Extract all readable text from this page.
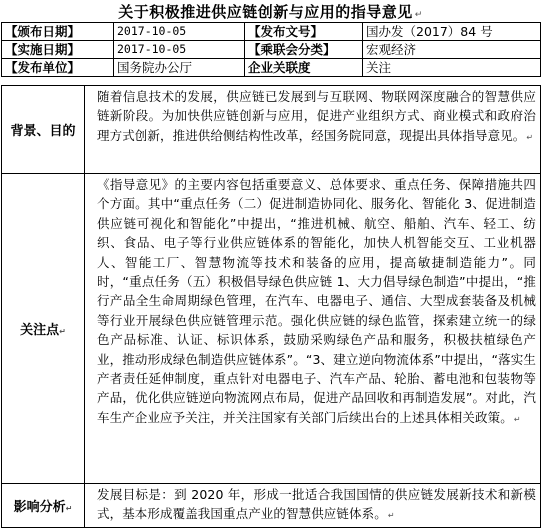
关于积极推进供应链创新与应用的指导意见 ↵
【颁布日期】	2017-10-05	【发布文号】	国办发（2017）84 号
【实施日期】	2017-10-05	【乘联会分类】	宏观经济
【发布单位】	国务院办公厅	企业关联度	关注
背景、目的	随着信息技术的发展，供应链已发展到与互联网、物联网深度融合的智慧供应链新阶段。为加快供应链创新与应用，促进产业组织方式、商业模式和政府治理方式创新，推进供给侧结构性改革，经国务院同意，现提出具体指导意见。↵
关注点↵	《指导意见》的主要内容包括重要意义、总体要求、重点任务、保障措施共四个方面。其中“重点任务（二）促进制造协同化、服务化、智能化 3、促进制造供应链可视化和智能化”中提出，“推进机械、航空、船舶、汽车、轻工、纺织、食品、电子等行业供应链体系的智能化，加快人机智能交互、工业机器人、智能工厂、智慧物流等技术和装备的应用，提高敏捷制造能力”。同时，“重点任务（五）积极倡导绿色供应链 1、大力倡导绿色制造”中提出，“推行产品全生命周期绿色管理，在汽车、电器电子、通信、大型成套装备及机械等行业开展绿色供应链管理示范。强化供应链的绿色监管，探索建立统一的绿色产品标准、认证、标识体系，鼓励采购绿色产品和服务，积极扶植绿色产业，推动形成绿色制造供应链体系”。“3、建立逆向物流体系”中提出，“落实生产者责任延伸制度，重点针对电器电子、汽车产品、轮胎、蓄电池和包装物等产品，优化供应链逆向物流网点布局，促进产品回收和再制造发展”。对此，汽车生产企业应予关注，并关注国家有关部门后续出台的上述具体相关政策。↵
影响分析↵	发展目标是：到 2020 年，形成一批适合我国国情的供应链发展新技术和新模式，基本形成覆盖我国重点产业的智慧供应链体系。↵
